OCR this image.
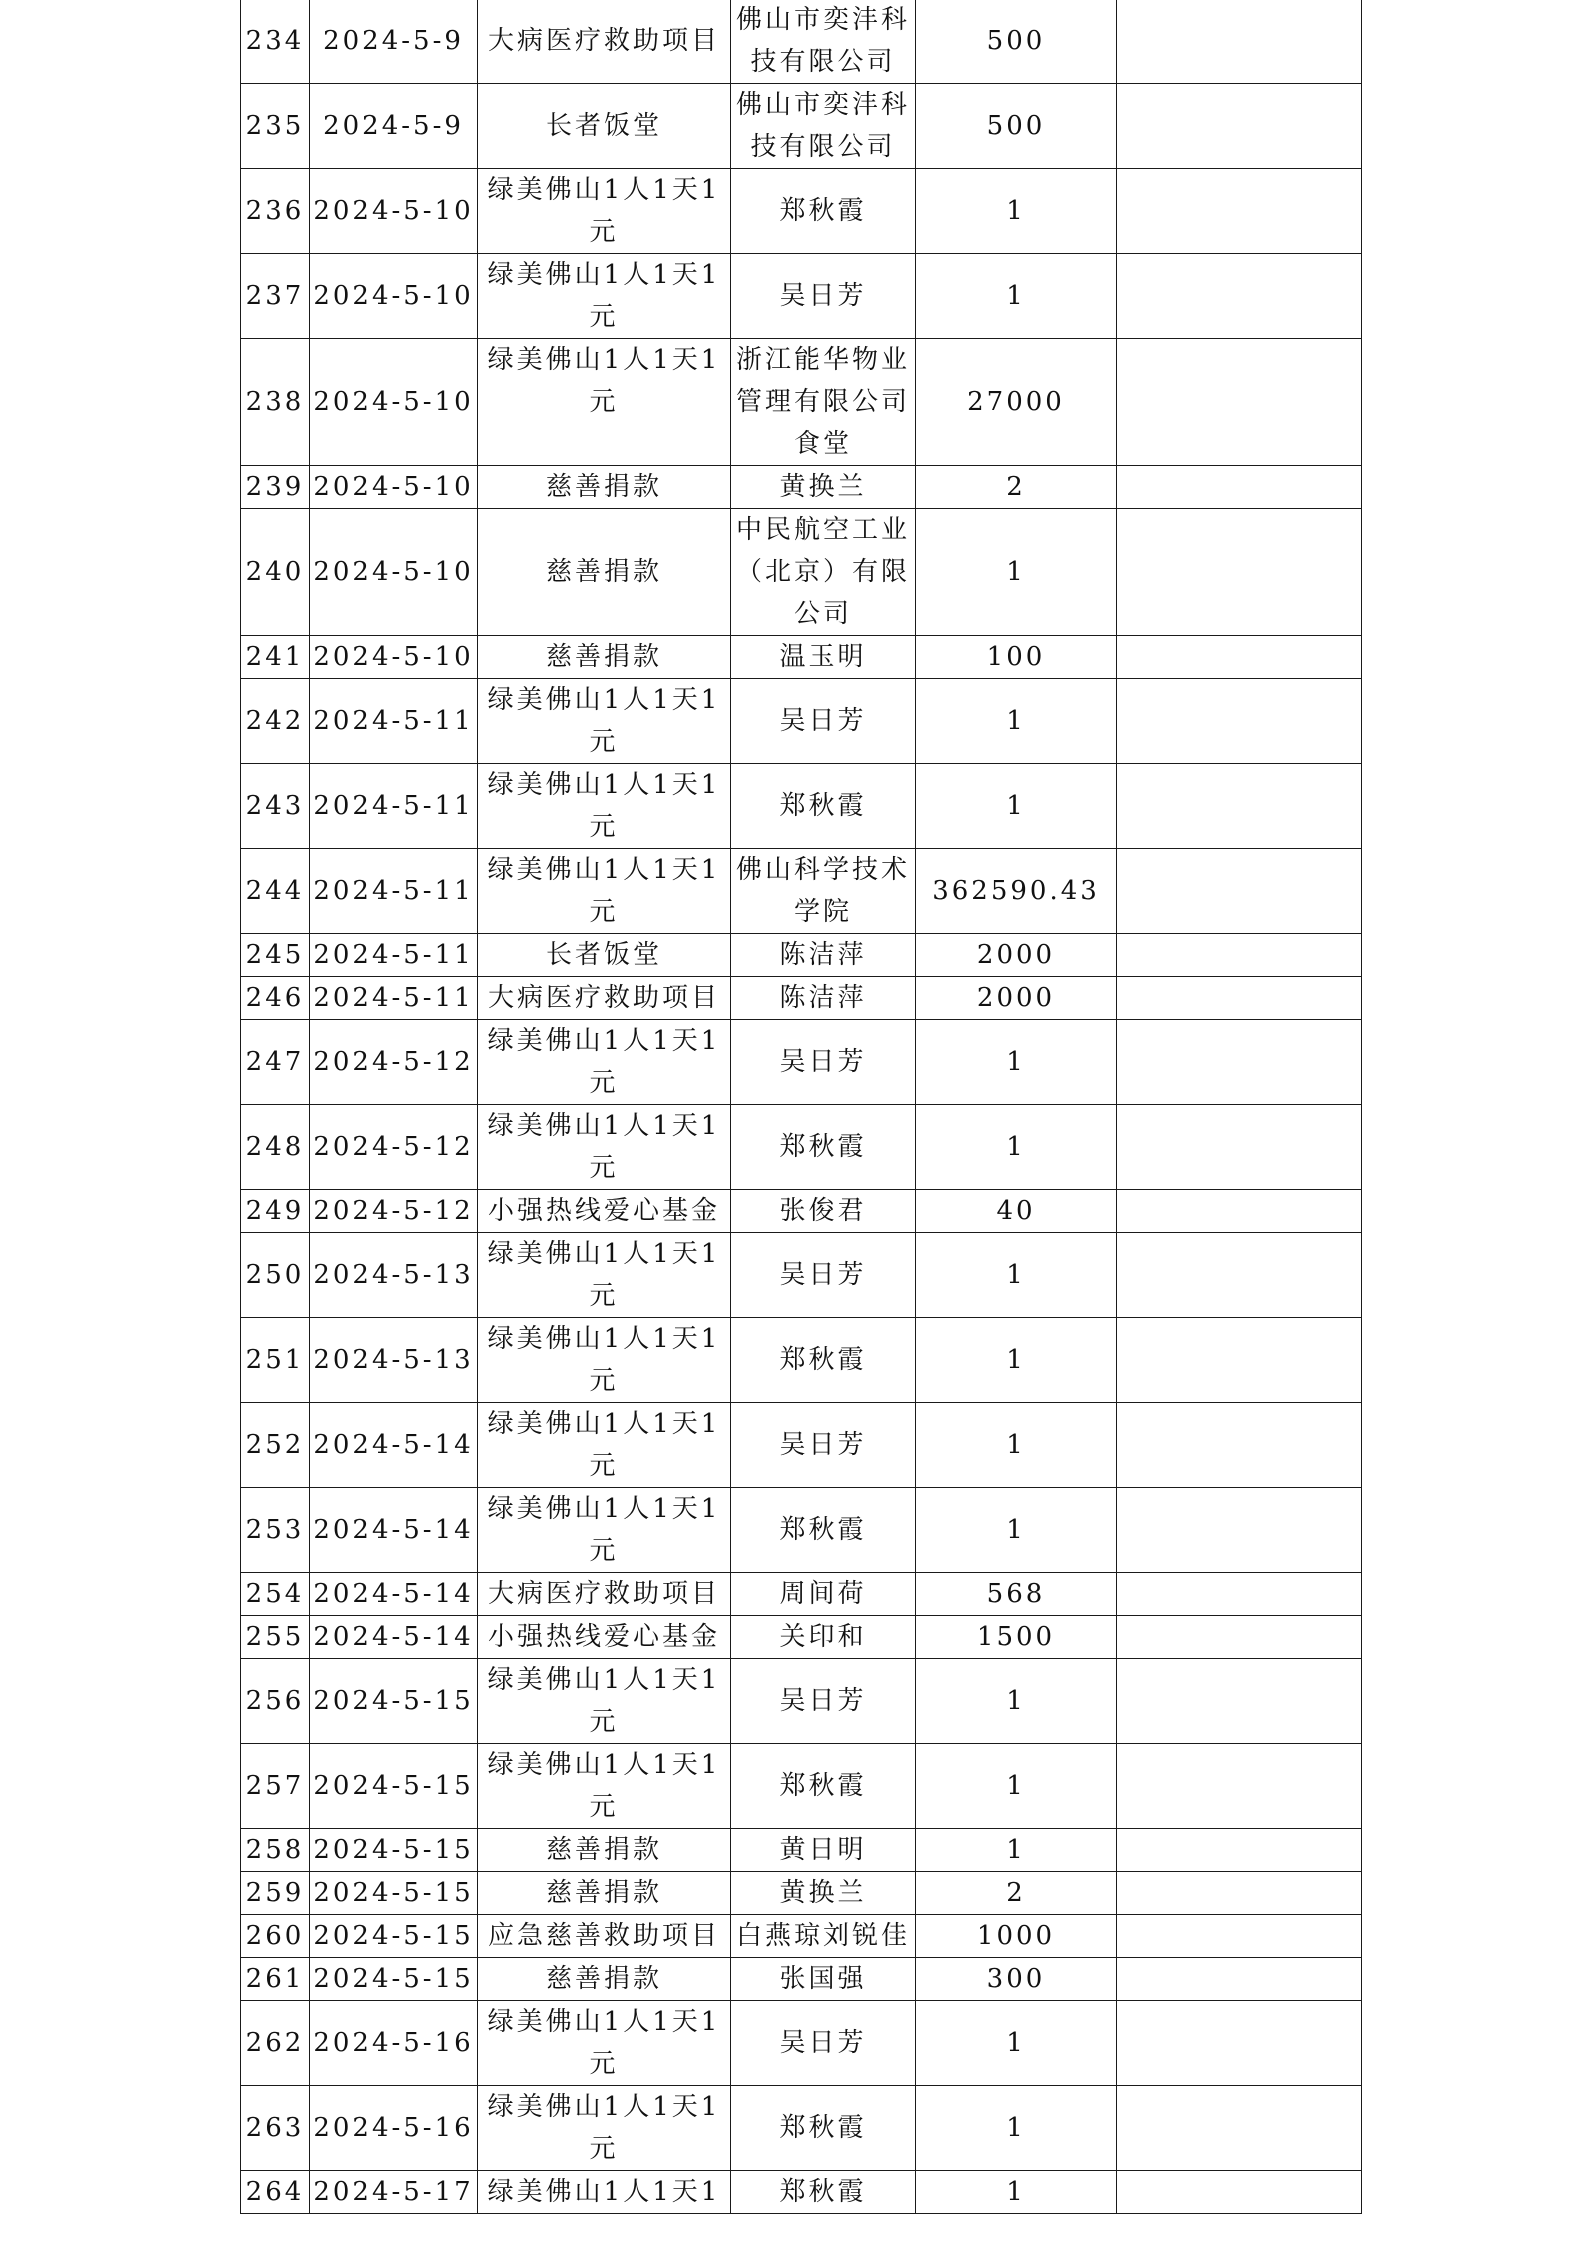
234	2024-5-9	大病医疗救助项目	佛山市奕沣科技有限公司	500	
235	2024-5-9	长者饭堂	佛山市奕沣科技有限公司	500	
236	2024-5-10	绿美佛山1人1天1元	郑秋霞	1	
237	2024-5-10	绿美佛山1人1天1元	吴日芳	1	
238	2024-5-10	绿美佛山1人1天1元	浙江能华物业管理有限公司食堂	27000	
239	2024-5-10	慈善捐款	黄换兰	2	
240	2024-5-10	慈善捐款	中民航空工业（北京）有限公司	1	
241	2024-5-10	慈善捐款	温玉明	100	
242	2024-5-11	绿美佛山1人1天1元	吴日芳	1	
243	2024-5-11	绿美佛山1人1天1元	郑秋霞	1	
244	2024-5-11	绿美佛山1人1天1元	佛山科学技术学院	362590.43	
245	2024-5-11	长者饭堂	陈洁萍	2000	
246	2024-5-11	大病医疗救助项目	陈洁萍	2000	
247	2024-5-12	绿美佛山1人1天1元	吴日芳	1	
248	2024-5-12	绿美佛山1人1天1元	郑秋霞	1	
249	2024-5-12	小强热线爱心基金	张俊君	40	
250	2024-5-13	绿美佛山1人1天1元	吴日芳	1	
251	2024-5-13	绿美佛山1人1天1元	郑秋霞	1	
252	2024-5-14	绿美佛山1人1天1元	吴日芳	1	
253	2024-5-14	绿美佛山1人1天1元	郑秋霞	1	
254	2024-5-14	大病医疗救助项目	周间荷	568	
255	2024-5-14	小强热线爱心基金	关印和	1500	
256	2024-5-15	绿美佛山1人1天1元	吴日芳	1	
257	2024-5-15	绿美佛山1人1天1元	郑秋霞	1	
258	2024-5-15	慈善捐款	黄日明	1	
259	2024-5-15	慈善捐款	黄换兰	2	
260	2024-5-15	应急慈善救助项目	白燕琼刘锐佳	1000	
261	2024-5-15	慈善捐款	张国强	300	
262	2024-5-16	绿美佛山1人1天1元	吴日芳	1	
263	2024-5-16	绿美佛山1人1天1元	郑秋霞	1	
264	2024-5-17	绿美佛山1人1天1	郑秋霞	1	
